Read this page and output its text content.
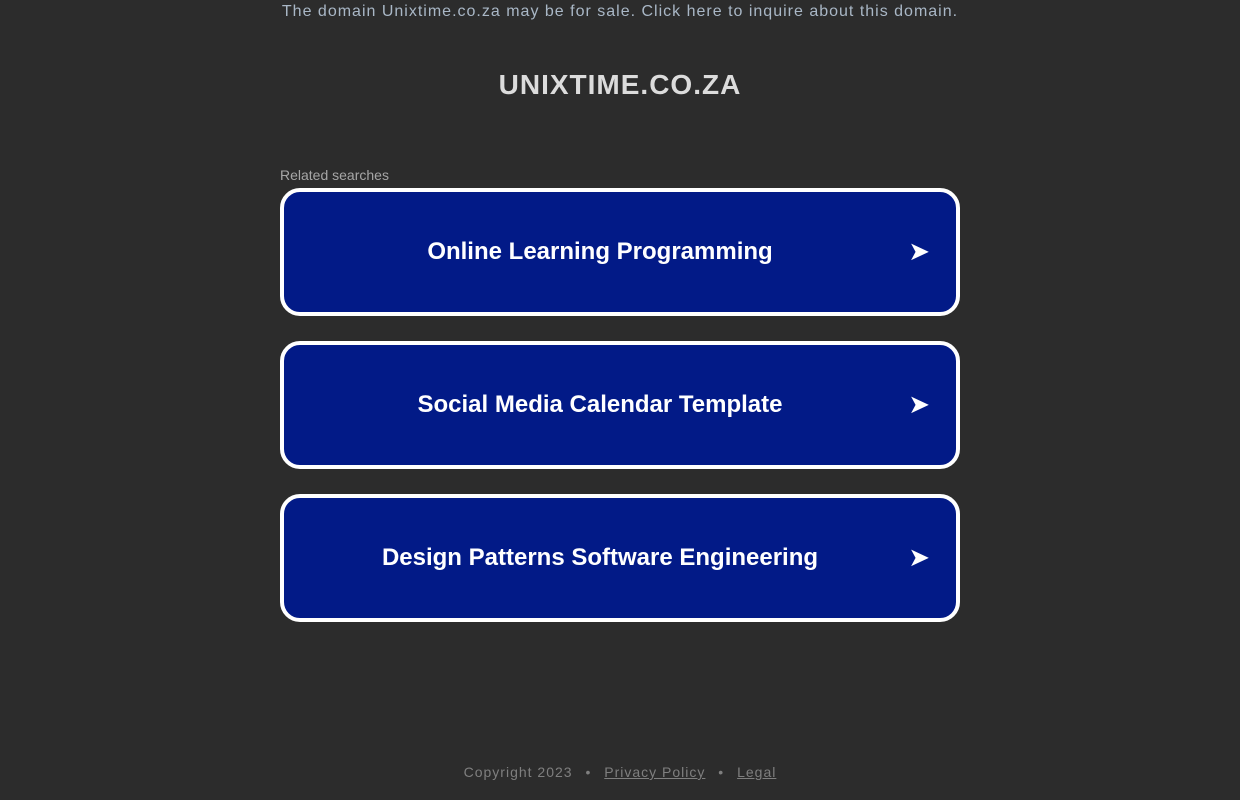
The domain Unixtime.co.za may be for sale. Click here to inquire about this domain.
UNIXTIME.CO.ZA
Related searches
Online Learning Programming	➤
Social Media Calendar Template	➤
Design Patterns Software Engineering	➤
Copyright 2023 • Privacy Policy • Legal
